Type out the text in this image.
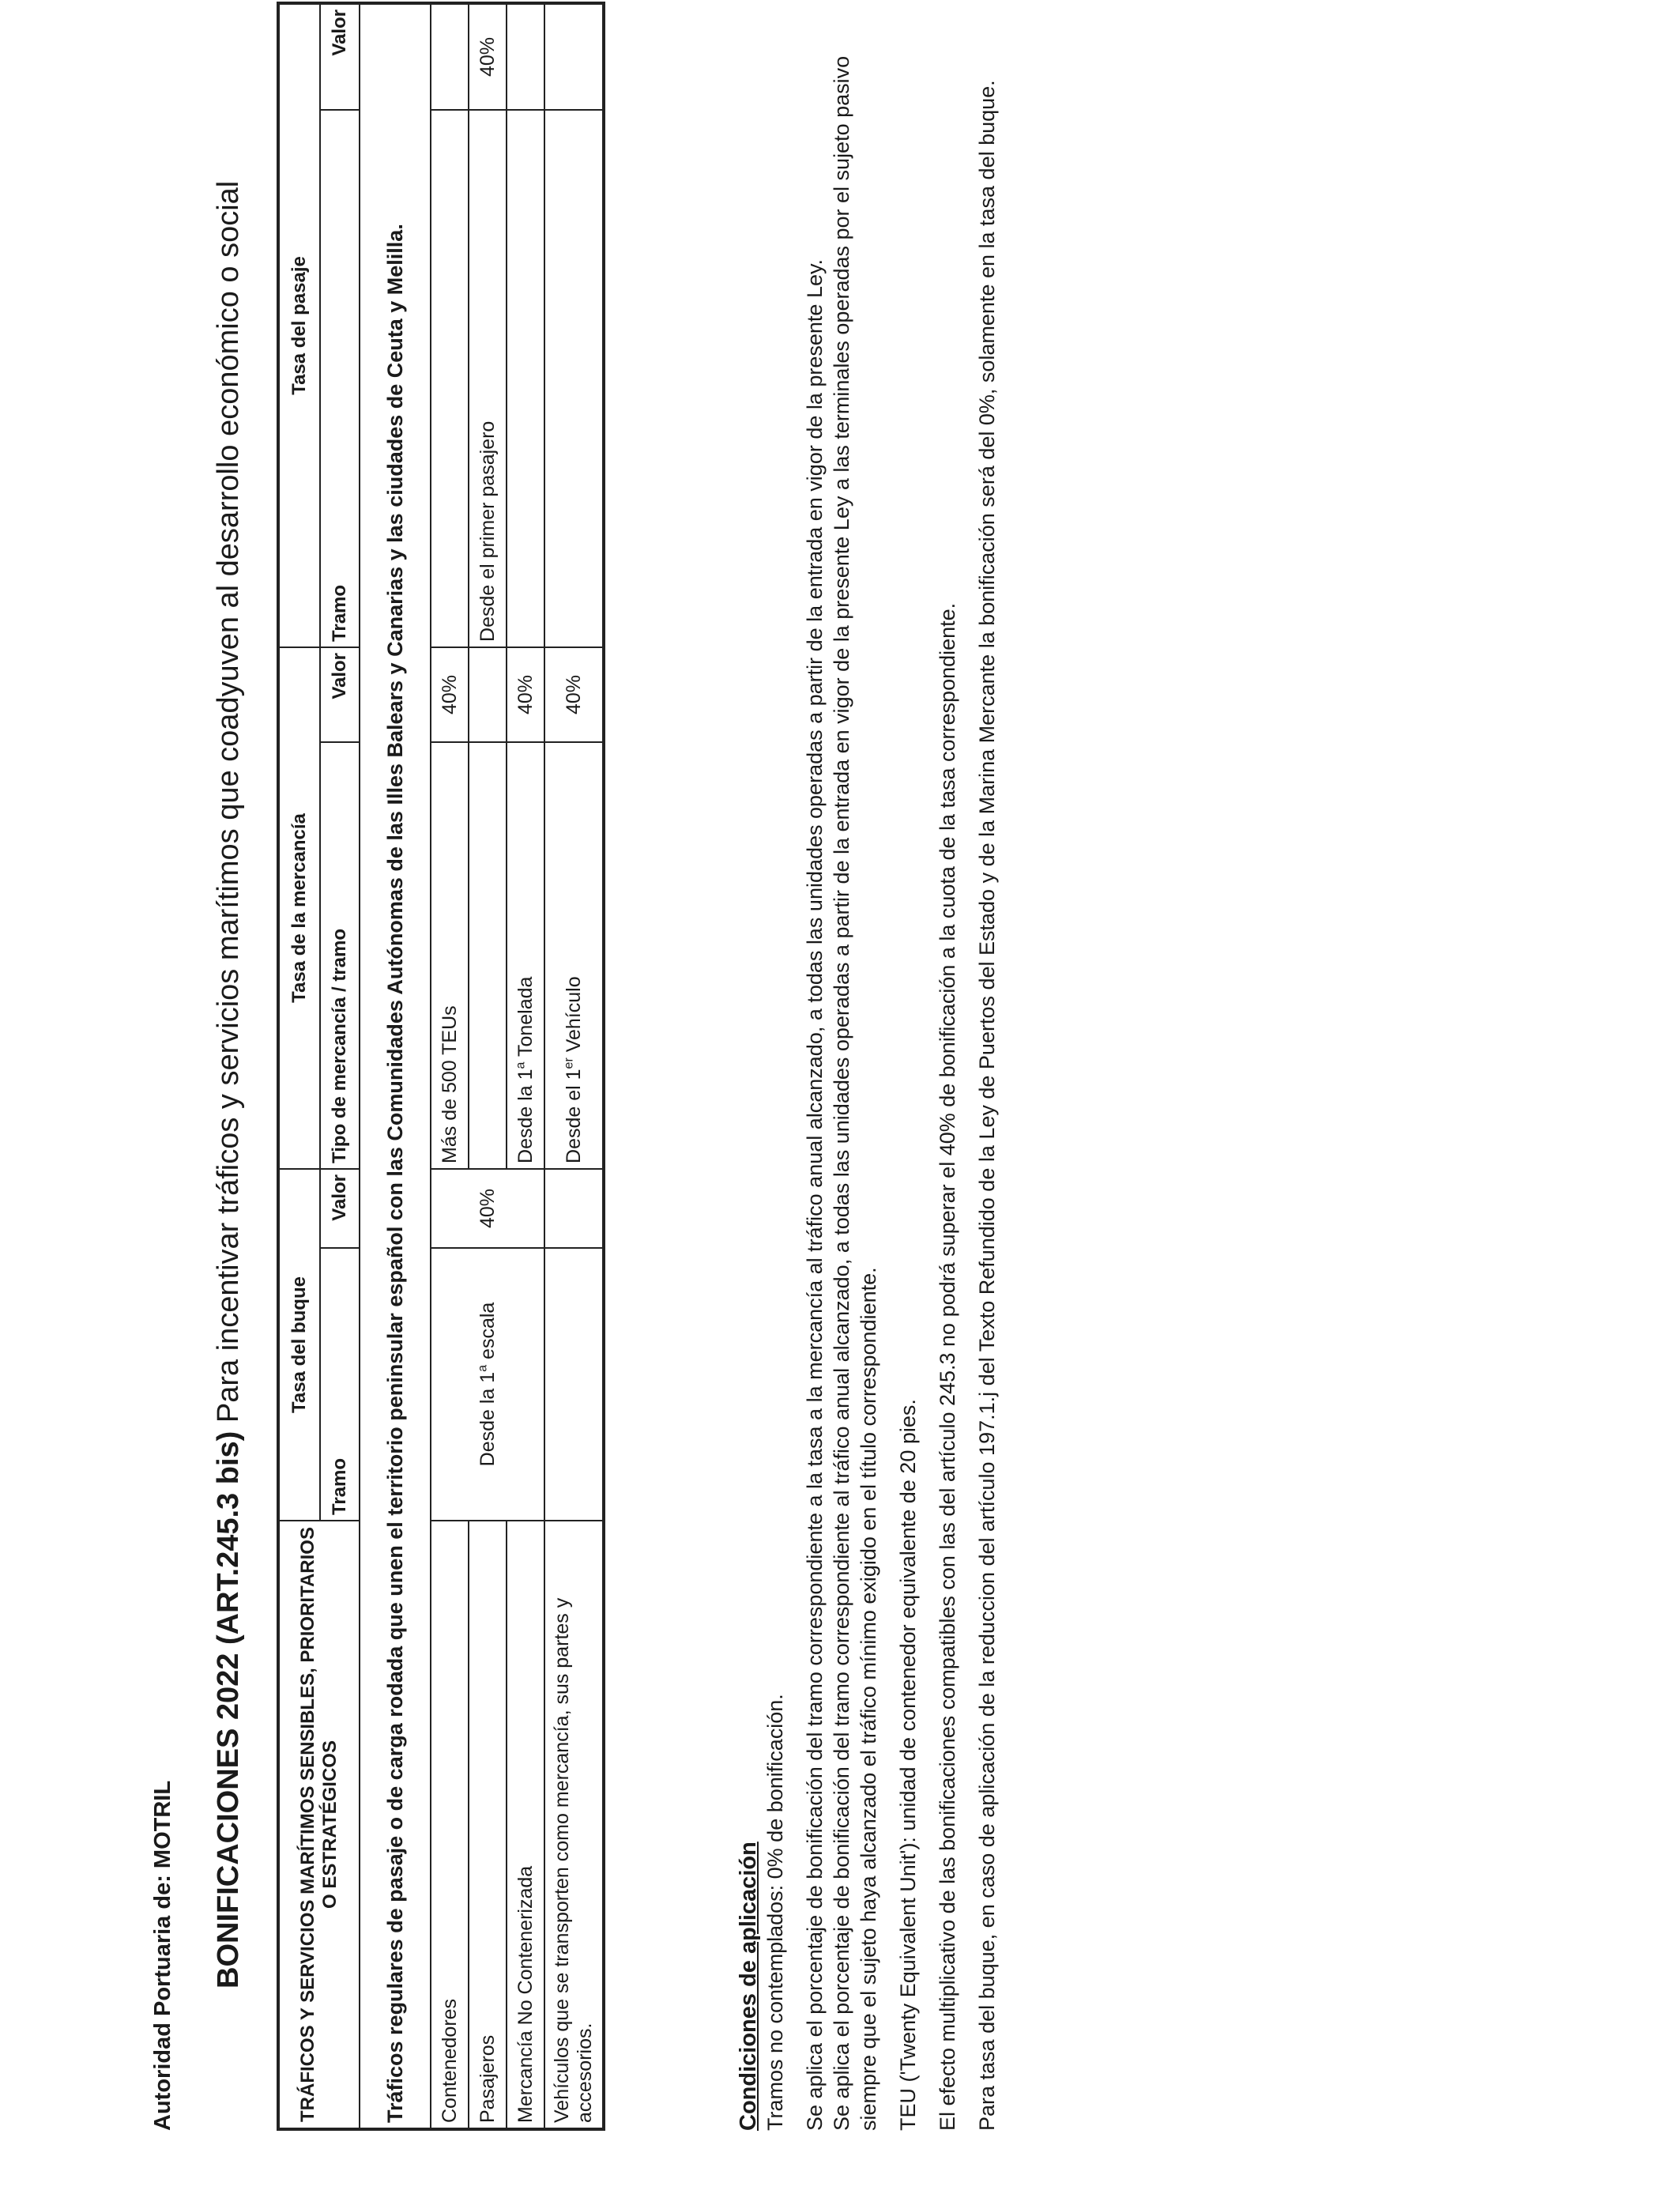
Autoridad Portuaria de: MOTRIL BONIFICACIONES 2022 (ART.245.3 bis) Para incentivar tráficos y servicios marítimos que coadyuven al desarrollo económico o social
TRÁFICOS Y SERVICIOS MARÍTIMOS SENSIBLES, PRIORITARIOS O ESTRATÉGICOS	Tasa del buque		Tasa de la mercancía		Tasa del pasaje	
	Tramo	Valor	Tipo de mercancía / tramo	Valor	Tramo	Valor
Tráficos regulares de pasaje o de carga rodada que unen el territorio peninsular español con las Comunidades Autónomas de las Illes Balears y Canarias y las ciudades de Ceuta y Melilla.						
Contenedores	Desde la 1$^a$ escala	40%	Más de 500 TEUs	40%		
Pasajeros					Desde el primer pasajero	40%
Mercancía No Contenerizada			Desde la 1$^a$ Tonelada	40%		
Vehículos que se transporten como mercancía, sus partes y accesorios.			Desde el 1er Vehículo	40%		

Condiciones de aplicación Tramos no contemplados: 0% de bonificación. Se aplica el porcentaje de bonificación del tramo correspondiente a la tasa a la mercancía al tráfico anual alcanzado, a todas las unidades operadas a partir de la entrada en vigor de la presente Ley. Se aplica el porcentaje de bonificación del tramo correspondiente al tráfico anual alcanzado, a todas las unidades operadas a partir de la entrada en vigor de la presente Ley a las terminales operadas por el sujeto pasivo siempre que el sujeto haya alcanzado el tráfico mínimo exigido en el título correspondiente. TEU ('Twenty Equivalent Unit'): unidad de contenedor equivalente de 20 pies. El efecto multiplicativo de las bonificaciones compatibles con las del artículo 245.3 no podrá superar el 40% de bonificación a la cuota de la tasa correspondiente. Para tasa del buque, en caso de aplicación de la reduccion del artículo 197.1.j del Texto Refundido de la Ley de Puertos del Estado y de la Marina Mercante la bonificación será del 0%, solamente en la tasa del buque.
